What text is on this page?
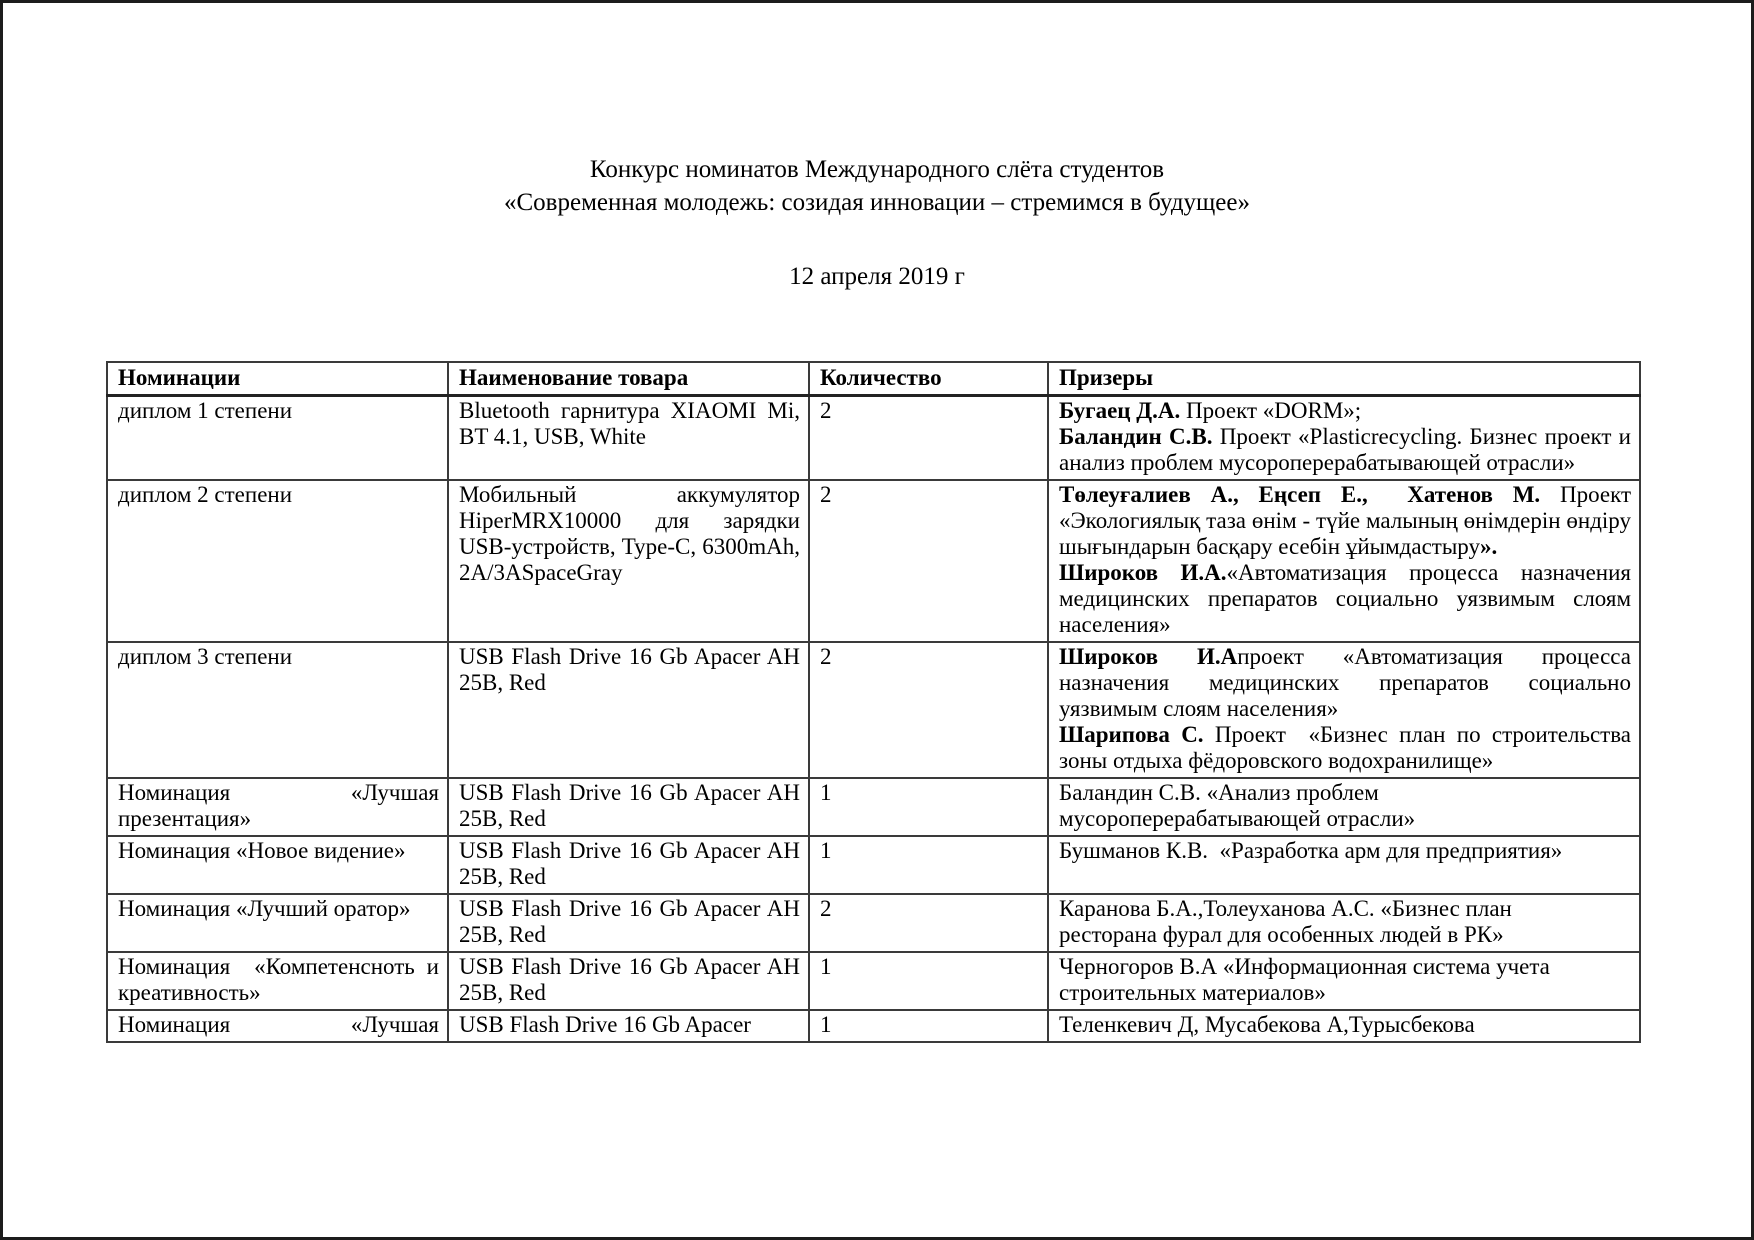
Конкурс номинатов Международного слёта студентов
«Современная молодежь: созидая инновации – стремимся в будущее»
12 апреля 2019 г
Номинации	Наименование товара	Количество	Призеры
диплом 1 степени	Bluetooth гарнитура XIAOMI Mi, BT 4.1, USB, White	2	Бугаец Д.А. Проект «DORM»;
Баландин С.В. Проект «Plasticrecycling. Бизнес проект и анализ проблем мусороперерабатывающей отрасли»

диплом 2 степени	Мобильный аккумулятор HiperMRX10000 для зарядки USB-устройств, Type-C, 6300mAh, 2A/3ASpaceGray	2	Төлеуғалиев А., Еңсеп Е.,  Хатенов М. Проект «Экологиялық таза өнім - түйе малының өнімдерін өндіру шығындарын басқару есебін ұйымдастыру».
Широков И.А.«Автоматизация процесса назначения медицинских препаратов социально уязвимым слоям населения»

диплом 3 степени	USB Flash Drive 16 Gb Apacer AH 25B, Red	2	Широков И.Апроект «Автоматизация процесса назначения медицинских препаратов социально уязвимым слоям населения»
Шарипова С. Проект  «Бизнес план по строительства зоны отдыха фёдоровского водохранилище»

Номинация «Лучшая презентация»	USB Flash Drive 16 Gb Apacer AH 25B, Red	1	Баландин С.В. «Анализ проблем
мусороперерабатывающей отрасли»

Номинация «Новое видение»	USB Flash Drive 16 Gb Apacer AH 25B, Red	1	Бушманов К.В.  «Разработка арм для предприятия»

Номинация «Лучший оратор»	USB Flash Drive 16 Gb Apacer AH 25B, Red	2	Каранова Б.А.,Толеуханова А.С. «Бизнес план
ресторана фурал для особенных людей в РК»

Номинация  «Компетенсноть и креативность»	USB Flash Drive 16 Gb Apacer AH 25B, Red	1	Черногоров В.А «Информационная система учета
строительных материалов»

Номинация «Лучшая	USB Flash Drive 16 Gb Apacer	1	Теленкевич Д, Мусабекова А,Турысбекова
